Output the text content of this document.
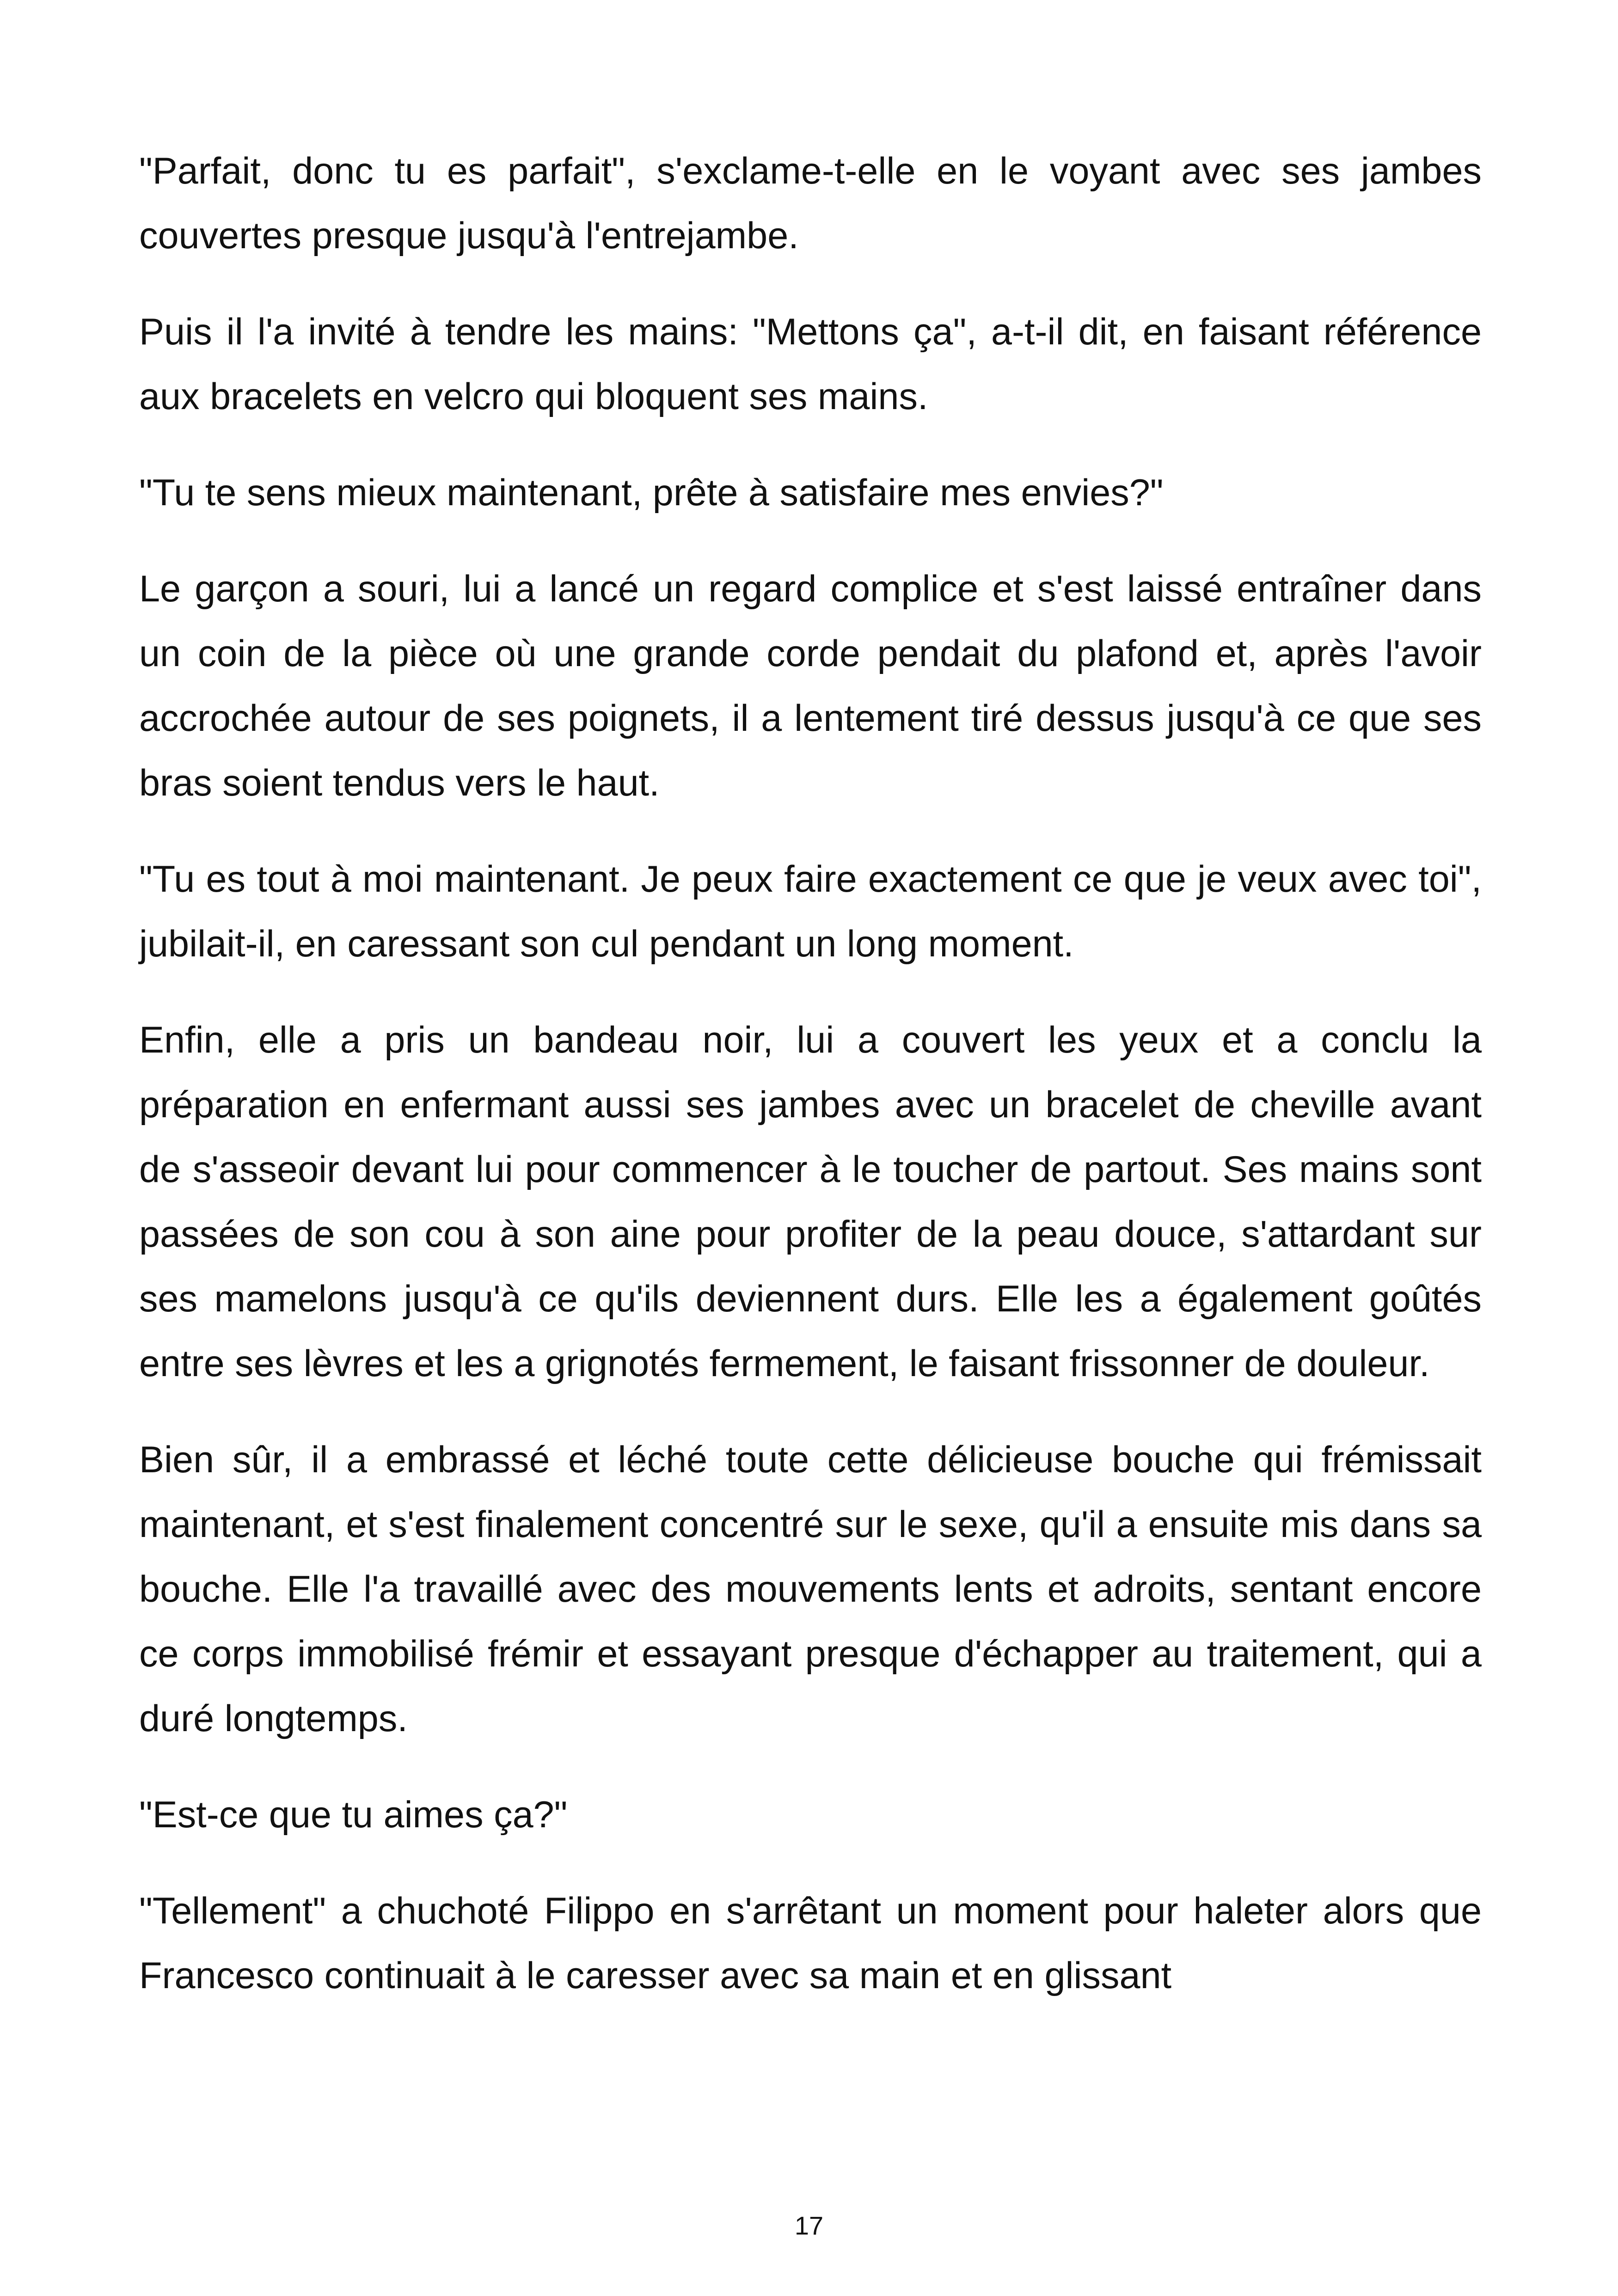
"Parfait, donc tu es parfait", s'exclame-t-elle en le voyant avec ses jambes couvertes presque jusqu'à l'entrejambe.

Puis il l'a invité à tendre les mains: "Mettons ça", a-t-il dit, en faisant référence aux bracelets en velcro qui bloquent ses mains.

"Tu te sens mieux maintenant, prête à satisfaire mes envies?"

Le garçon a souri, lui a lancé un regard complice et s'est laissé entraîner dans un coin de la pièce où une grande corde pendait du plafond et, après l'avoir accrochée autour de ses poignets, il a lentement tiré dessus jusqu'à ce que ses bras soient tendus vers le haut.

"Tu es tout à moi maintenant. Je peux faire exactement ce que je veux avec toi", jubilait-il, en caressant son cul pendant un long moment.

Enfin, elle a pris un bandeau noir, lui a couvert les yeux et a conclu la préparation en enfermant aussi ses jambes avec un bracelet de cheville avant de s'asseoir devant lui pour commencer à le toucher de partout. Ses mains sont passées de son cou à son aine pour profiter de la peau douce, s'attardant sur ses mamelons jusqu'à ce qu'ils deviennent durs. Elle les a également goûtés entre ses lèvres et les a grignotés fermement, le faisant frissonner de douleur.

Bien sûr, il a embrassé et léché toute cette délicieuse bouche qui frémissait maintenant, et s'est finalement concentré sur le sexe, qu'il a ensuite mis dans sa bouche. Elle l'a travaillé avec des mouvements lents et adroits, sentant encore ce corps immobilisé frémir et essayant presque d'échapper au traitement, qui a duré longtemps.

"Est-ce que tu aimes ça?"

"Tellement" a chuchoté Filippo en s'arrêtant un moment pour haleter alors que Francesco continuait à le caresser avec sa main et en glissant

17
